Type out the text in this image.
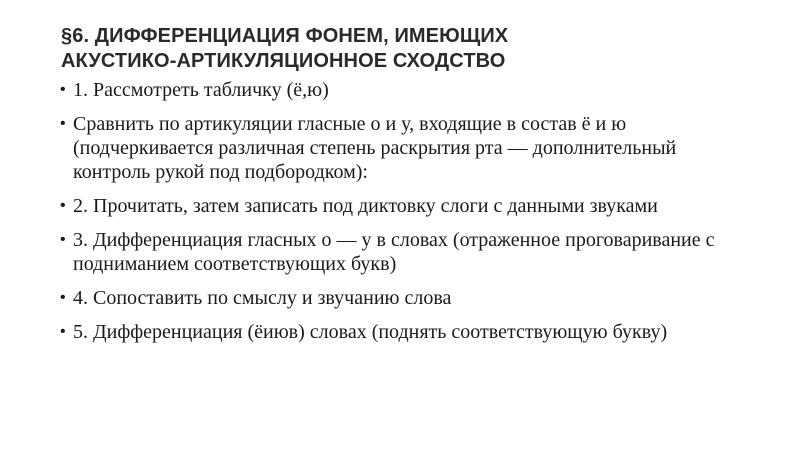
§6. ДИФФЕРЕНЦИАЦИЯ ФОНЕМ, ИМЕЮЩИХ
АКУСТИКО-АРТИКУЛЯЦИОННОЕ СХОДСТВО
• 1. Рассмотреть табличку (ё,ю)
• Сравнить по артикуляции гласные о и у, входящие в состав ё и ю (подчеркивается различная степень раскрытия рта — дополнительный контроль рукой под подбородком):
• 2. Прочитать, затем записать под диктовку слоги с данными звуками
• 3. Дифференциация гласных о — у в словах (отраженное проговаривание с подниманием соответствующих букв)
• 4. Сопоставить по смыслу и звучанию слова
• 5. Дифференциация (ёиюв) словах (поднять соответствующую букву)
